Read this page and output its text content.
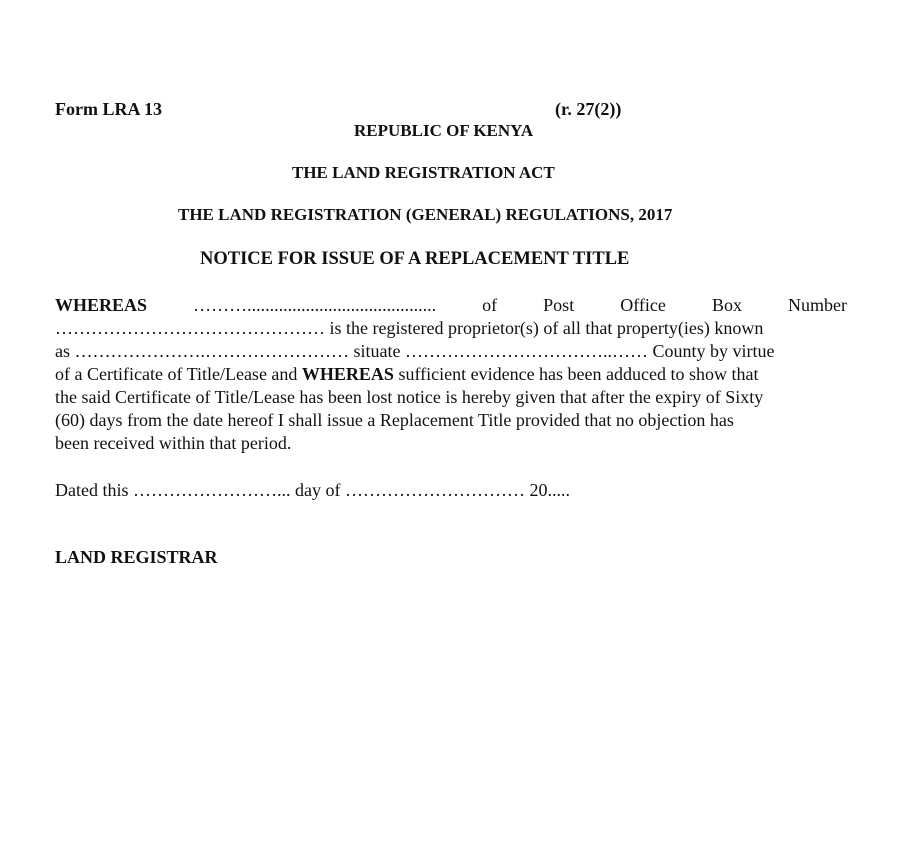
Form LRA 13	(r. 27(2))
REPUBLIC OF KENYA
THE LAND REGISTRATION ACT
THE LAND REGISTRATION (GENERAL) REGULATIONS, 2017
NOTICE FOR ISSUE OF A REPLACEMENT TITLE
WHEREAS	………..........................................	of	Post	Office	Box	Number
……………………………………… is the registered proprietor(s) of all that property(ies) known
as ………………….…………………… situate ……………………………..…… County by virtue
of a Certificate of Title/Lease and WHEREAS sufficient evidence has been adduced to show that
the said Certificate of Title/Lease has been lost notice is hereby given that after the expiry of Sixty
(60) days from the date hereof I shall issue a Replacement Title provided that no objection has
been received within that period.
Dated this ……………………... day of ………………………… 20.....
LAND REGISTRAR
